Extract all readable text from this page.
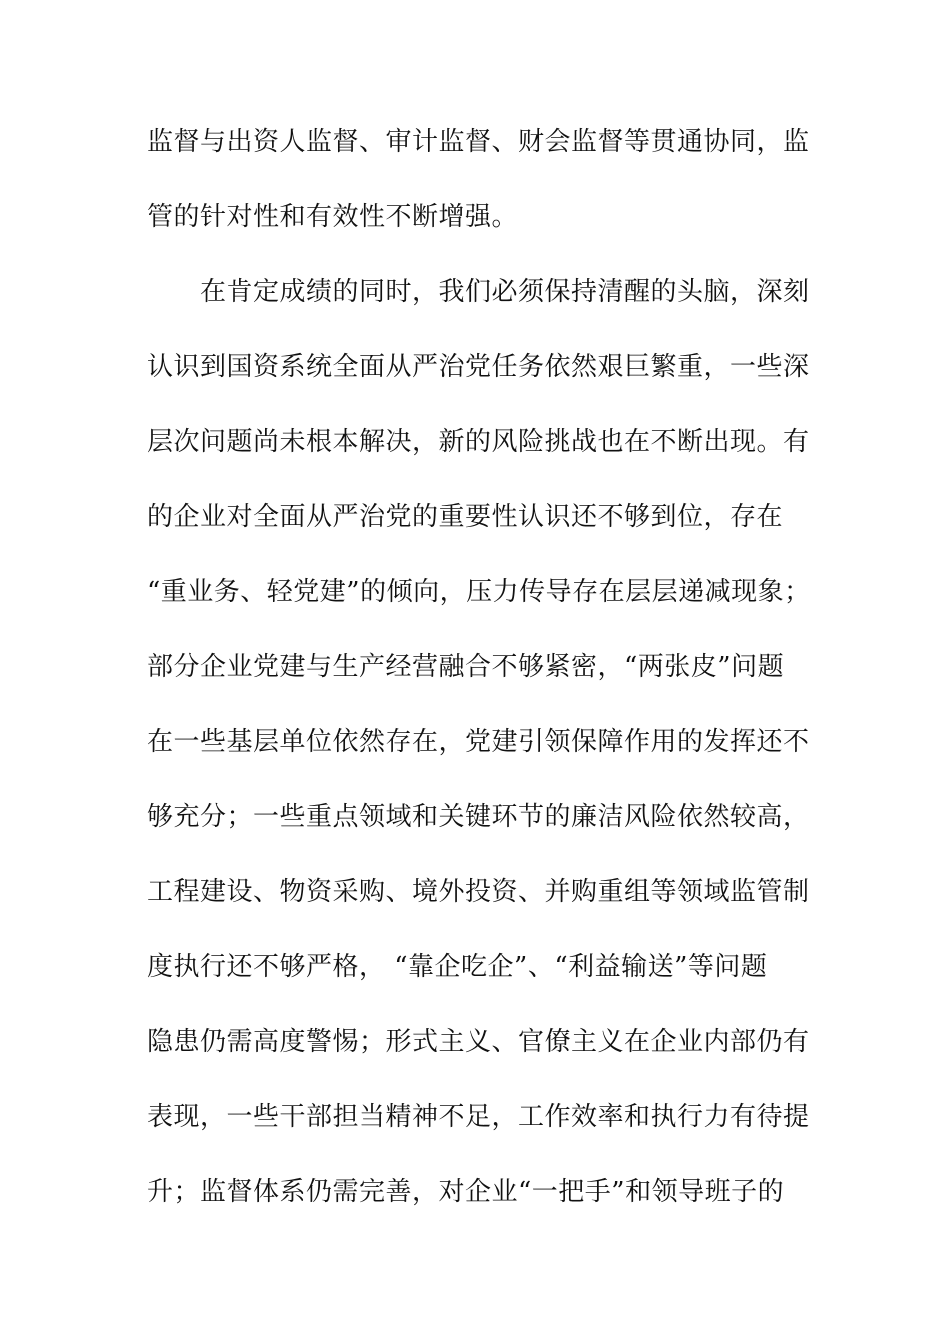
监督与出资人监督、审计监督、财会监督等贯通协同，监
管的针对性和有效性不断增强。
　　在肯定成绩的同时，我们必须保持清醒的头脑，深刻
认识到国资系统全面从严治党任务依然艰巨繁重，一些深
层次问题尚未根本解决，新的风险挑战也在不断出现。有
的企业对全面从严治党的重要性认识还不够到位，存在
“重业务、轻党建”的倾向，压力传导存在层层递减现象；
部分企业党建与生产经营融合不够紧密，“两张皮”问题
在一些基层单位依然存在，党建引领保障作用的发挥还不
够充分；一些重点领域和关键环节的廉洁风险依然较高，
工程建设、物资采购、境外投资、并购重组等领域监管制
度执行还不够严格， “靠企吃企”、“利益输送”等问题
隐患仍需高度警惕；形式主义、官僚主义在企业内部仍有
表现，一些干部担当精神不足，工作效率和执行力有待提
升；监督体系仍需完善，对企业“一把手”和领导班子的
